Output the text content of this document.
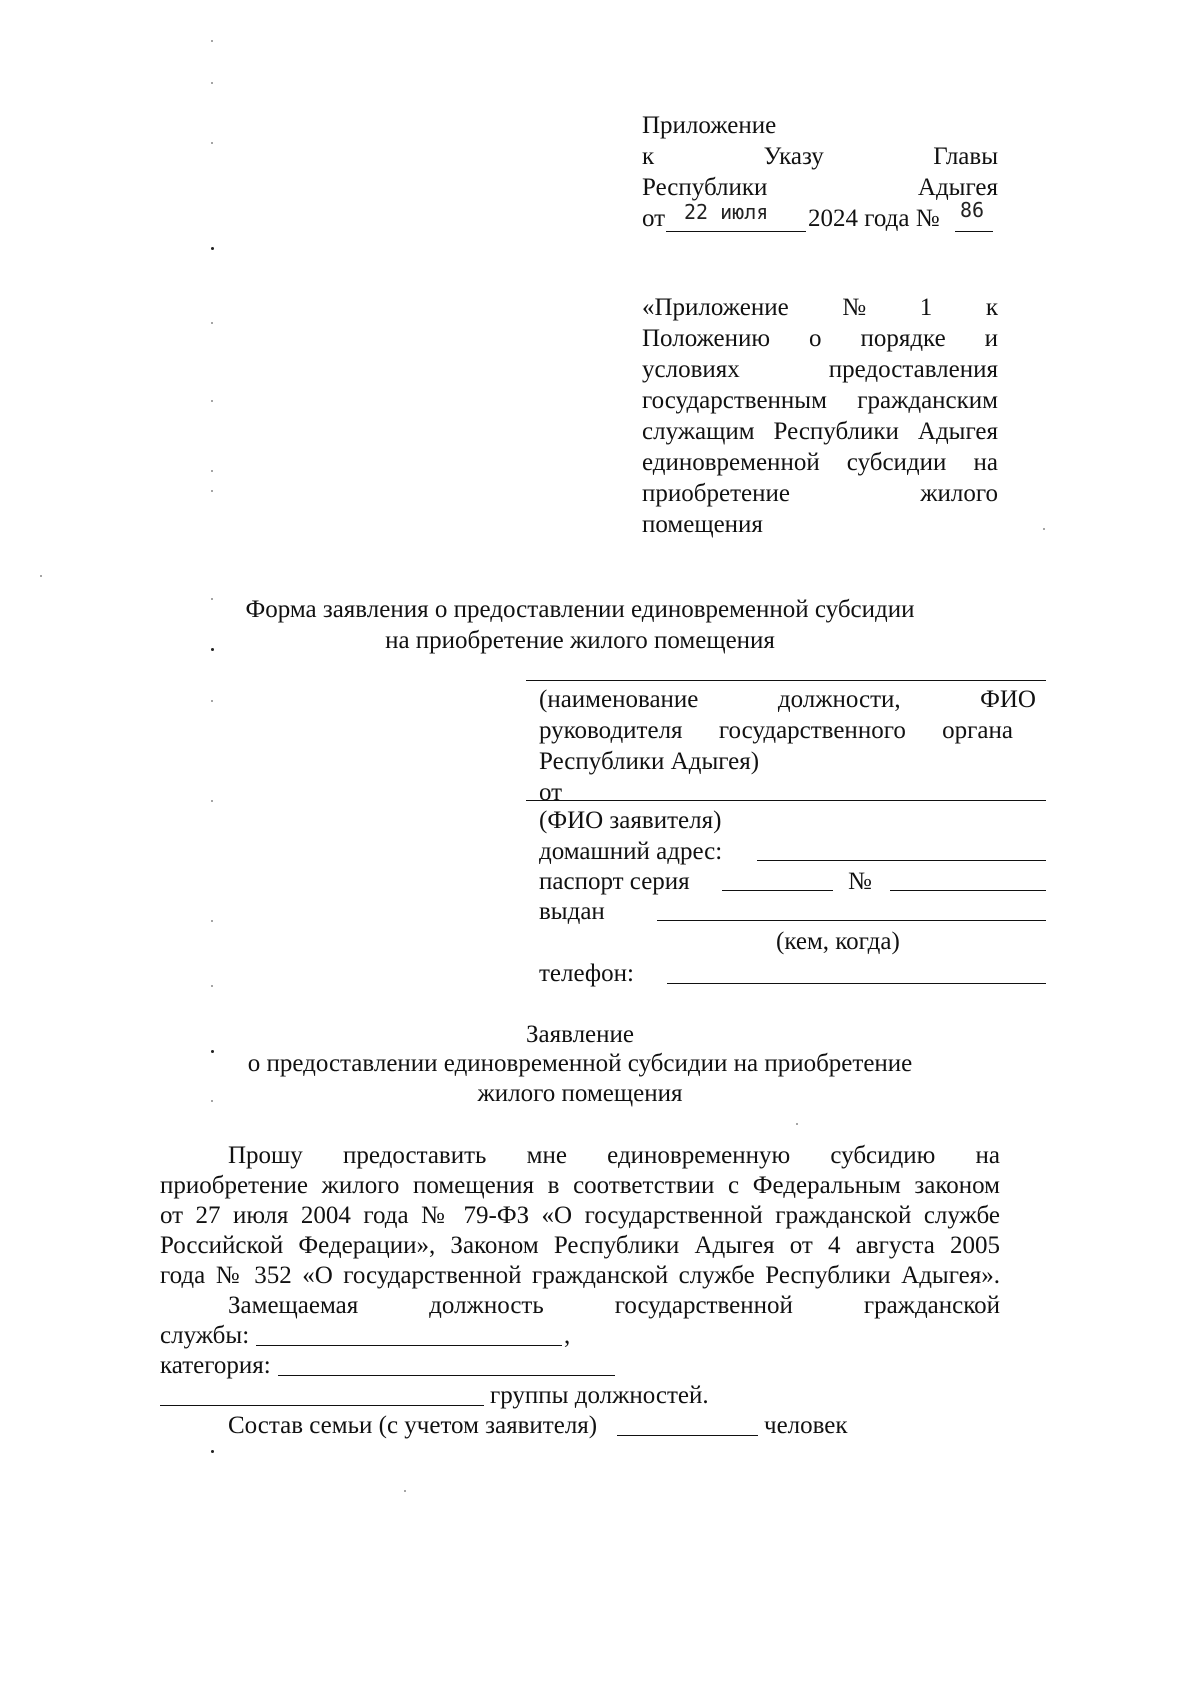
Приложение
к	Указу	Главы
Республики	Адыгея
от 22 июля 2024 года № 86
«Приложение № 1 к
Положению о порядке и
условиях предоставления
государственным гражданским
служащим Республики Адыгея
единовременной субсидии на
приобретение жилого
помещения
Форма заявления о предоставлении единовременной субсидии
на приобретение жилого помещения
(наименование должности, ФИО
руководителя государственного органа
Республики Адыгея)
от
(ФИО заявителя)
домашний адрес:
паспорт серия	№
выдан
(кем, когда)
телефон:
Заявление
о предоставлении единовременной субсидии на приобретение
жилого помещения
Прошу предоставить мне единовременную субсидию на
приобретение жилого помещения в соответствии с Федеральным законом
от 27 июля 2004 года № 79-ФЗ «О государственной гражданской службе
Российской Федерации», Законом Республики Адыгея от 4 августа 2005
года № 352 «О государственной гражданской службе Республики Адыгея».
Замещаемая должность государственной гражданской
службы:	,
категория:
группы должностей.
Состав семьи (с учетом заявителя)	человек
